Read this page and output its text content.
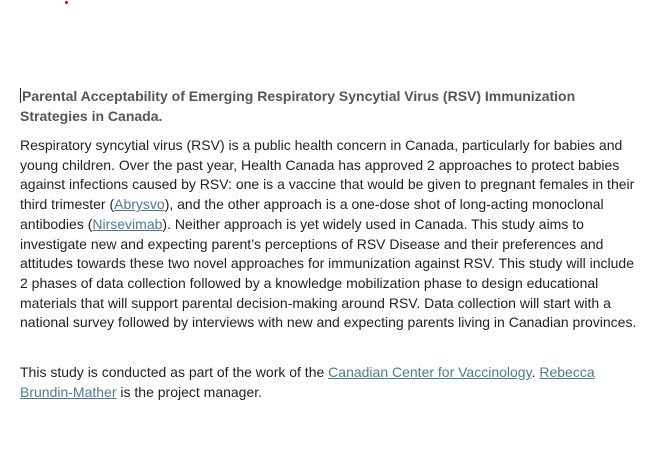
Parental Acceptability of Emerging Respiratory Syncytial Virus (RSV) Immunization Strategies in Canada.

Respiratory syncytial virus (RSV) is a public health concern in Canada, particularly for babies and young children. Over the past year, Health Canada has approved 2 approaches to protect babies against infections caused by RSV: one is a vaccine that would be given to pregnant females in their third trimester (Abrysvo), and the other approach is a one-dose shot of long-acting monoclonal antibodies (Nirsevimab). Neither approach is yet widely used in Canada. This study aims to investigate new and expecting parent’s perceptions of RSV Disease and their preferences and attitudes towards these two novel approaches for immunization against RSV. This study will include 2 phases of data collection followed by a knowledge mobilization phase to design educational materials that will support parental decision-making around RSV. Data collection will start with a national survey followed by interviews with new and expecting parents living in Canadian provinces.

This study is conducted as part of the work of the Canadian Center for Vaccinology. Rebecca Brundin-Mather is the project manager.
